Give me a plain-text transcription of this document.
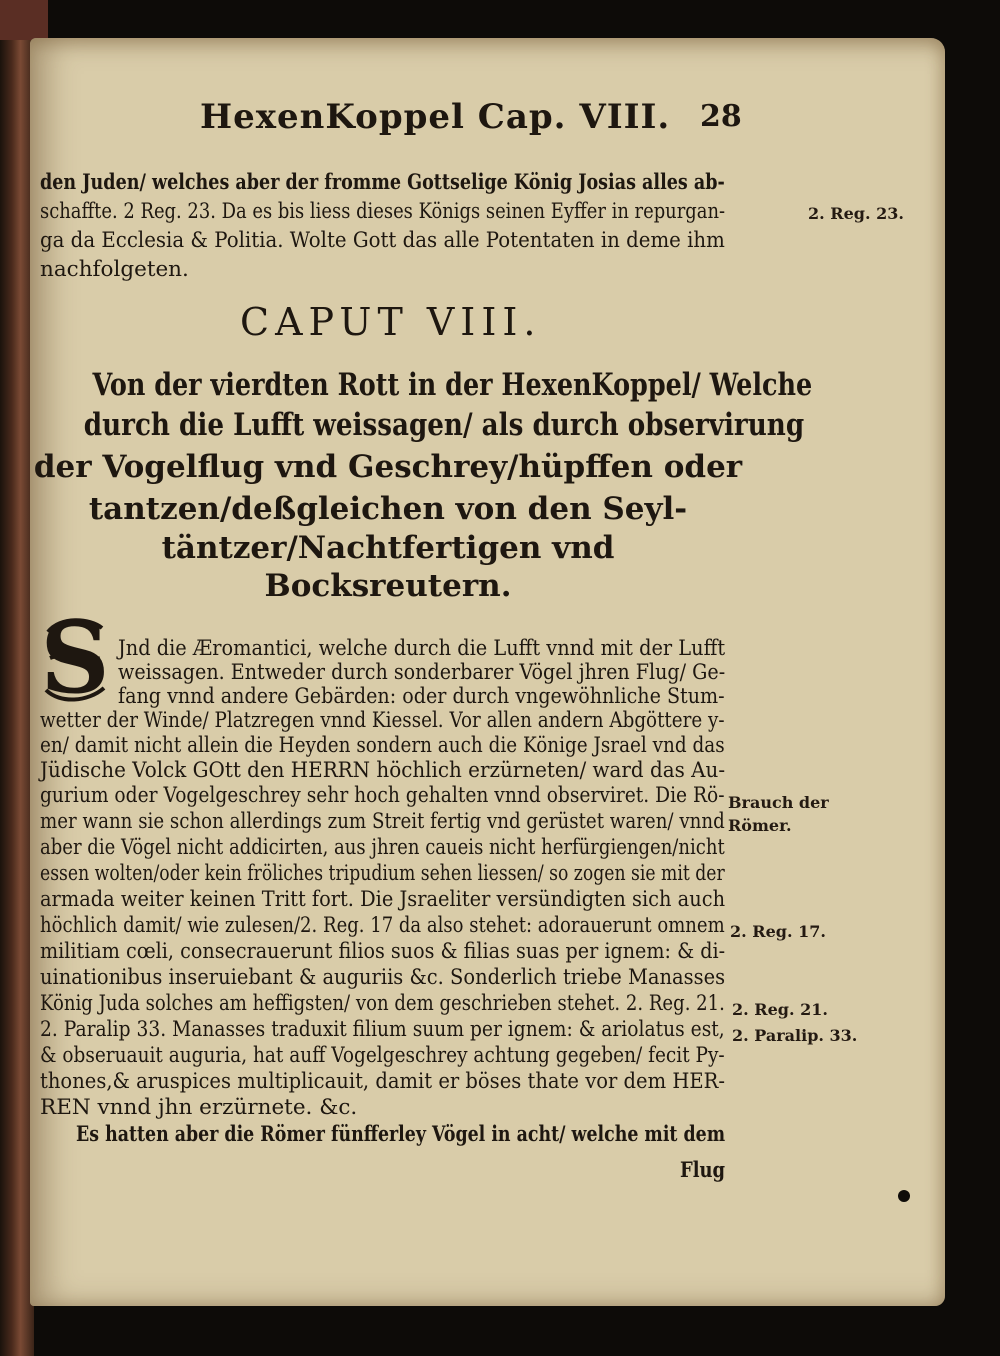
HexenKoppel Cap. VIII. 28
den Juden/ welches aber der fromme Gottselige König Josias alles ab-
schaffte. 2 Reg. 23. Da es bis liess dieses Königs seinen Eyffer in repurgan-
ga da Ecclesia & Politia. Wolte Gott das alle Potentaten in deme ihm
nachfolgeten.
CAPUT VIII.
Von der vierdten Rott in der HexenKoppel/ Welche
durch die Lufft weissagen/ als durch observirung
der Vogelflug vnd Geschrey/hüpffen oder
tantzen/deßgleichen von den Seyl-
täntzer/Nachtfertigen vnd
Bocksreutern.
S Jnd die Æromantici, welche durch die Lufft vnnd mit der Lufft
weissagen. Entweder durch sonderbarer Vögel jhren Flug/ Ge-
fang vnnd andere Gebärden: oder durch vngewöhnliche Stum-
wetter der Winde/ Platzregen vnnd Kiessel. Vor allen andern Abgöttere y-
en/ damit nicht allein die Heyden sondern auch die Könige Jsrael vnd das
Jüdische Volck GOtt den HERRN höchlich erzürneten/ ward das Au-
gurium oder Vogelgeschrey sehr hoch gehalten vnnd observiret. Die Rö-
mer wann sie schon allerdings zum Streit fertig vnd gerüstet waren/ vnnd
aber die Vögel nicht addicirten, aus jhren caueis nicht herfürgiengen/nicht
essen wolten/oder kein fröliches tripudium sehen liessen/ so zogen sie mit der
armada weiter keinen Tritt fort. Die Jsraeliter versündigten sich auch
höchlich damit/ wie zulesen/2. Reg. 17 da also stehet: adorauerunt omnem
militiam cœli, consecrauerunt filios suos & filias suas per ignem: & di-
uinationibus inseruiebant & auguriis &c. Sonderlich triebe Manasses
König Juda solches am heffigsten/ von dem geschrieben stehet. 2. Reg. 21.
2. Paralip 33. Manasses traduxit filium suum per ignem: & ariolatus est,
& obseruauit auguria, hat auff Vogelgeschrey achtung gegeben/ fecit Py-
thones,& aruspices multiplicauit, damit er böses thate vor dem HER-
REN vnnd jhn erzürnete. &c.
Es hatten aber die Römer fünfferley Vögel in acht/ welche mit dem
Flug
2. Reg. 23.
Brauch der
Römer.
2. Reg. 17.
2. Reg. 21.
2. Paralip. 33.
